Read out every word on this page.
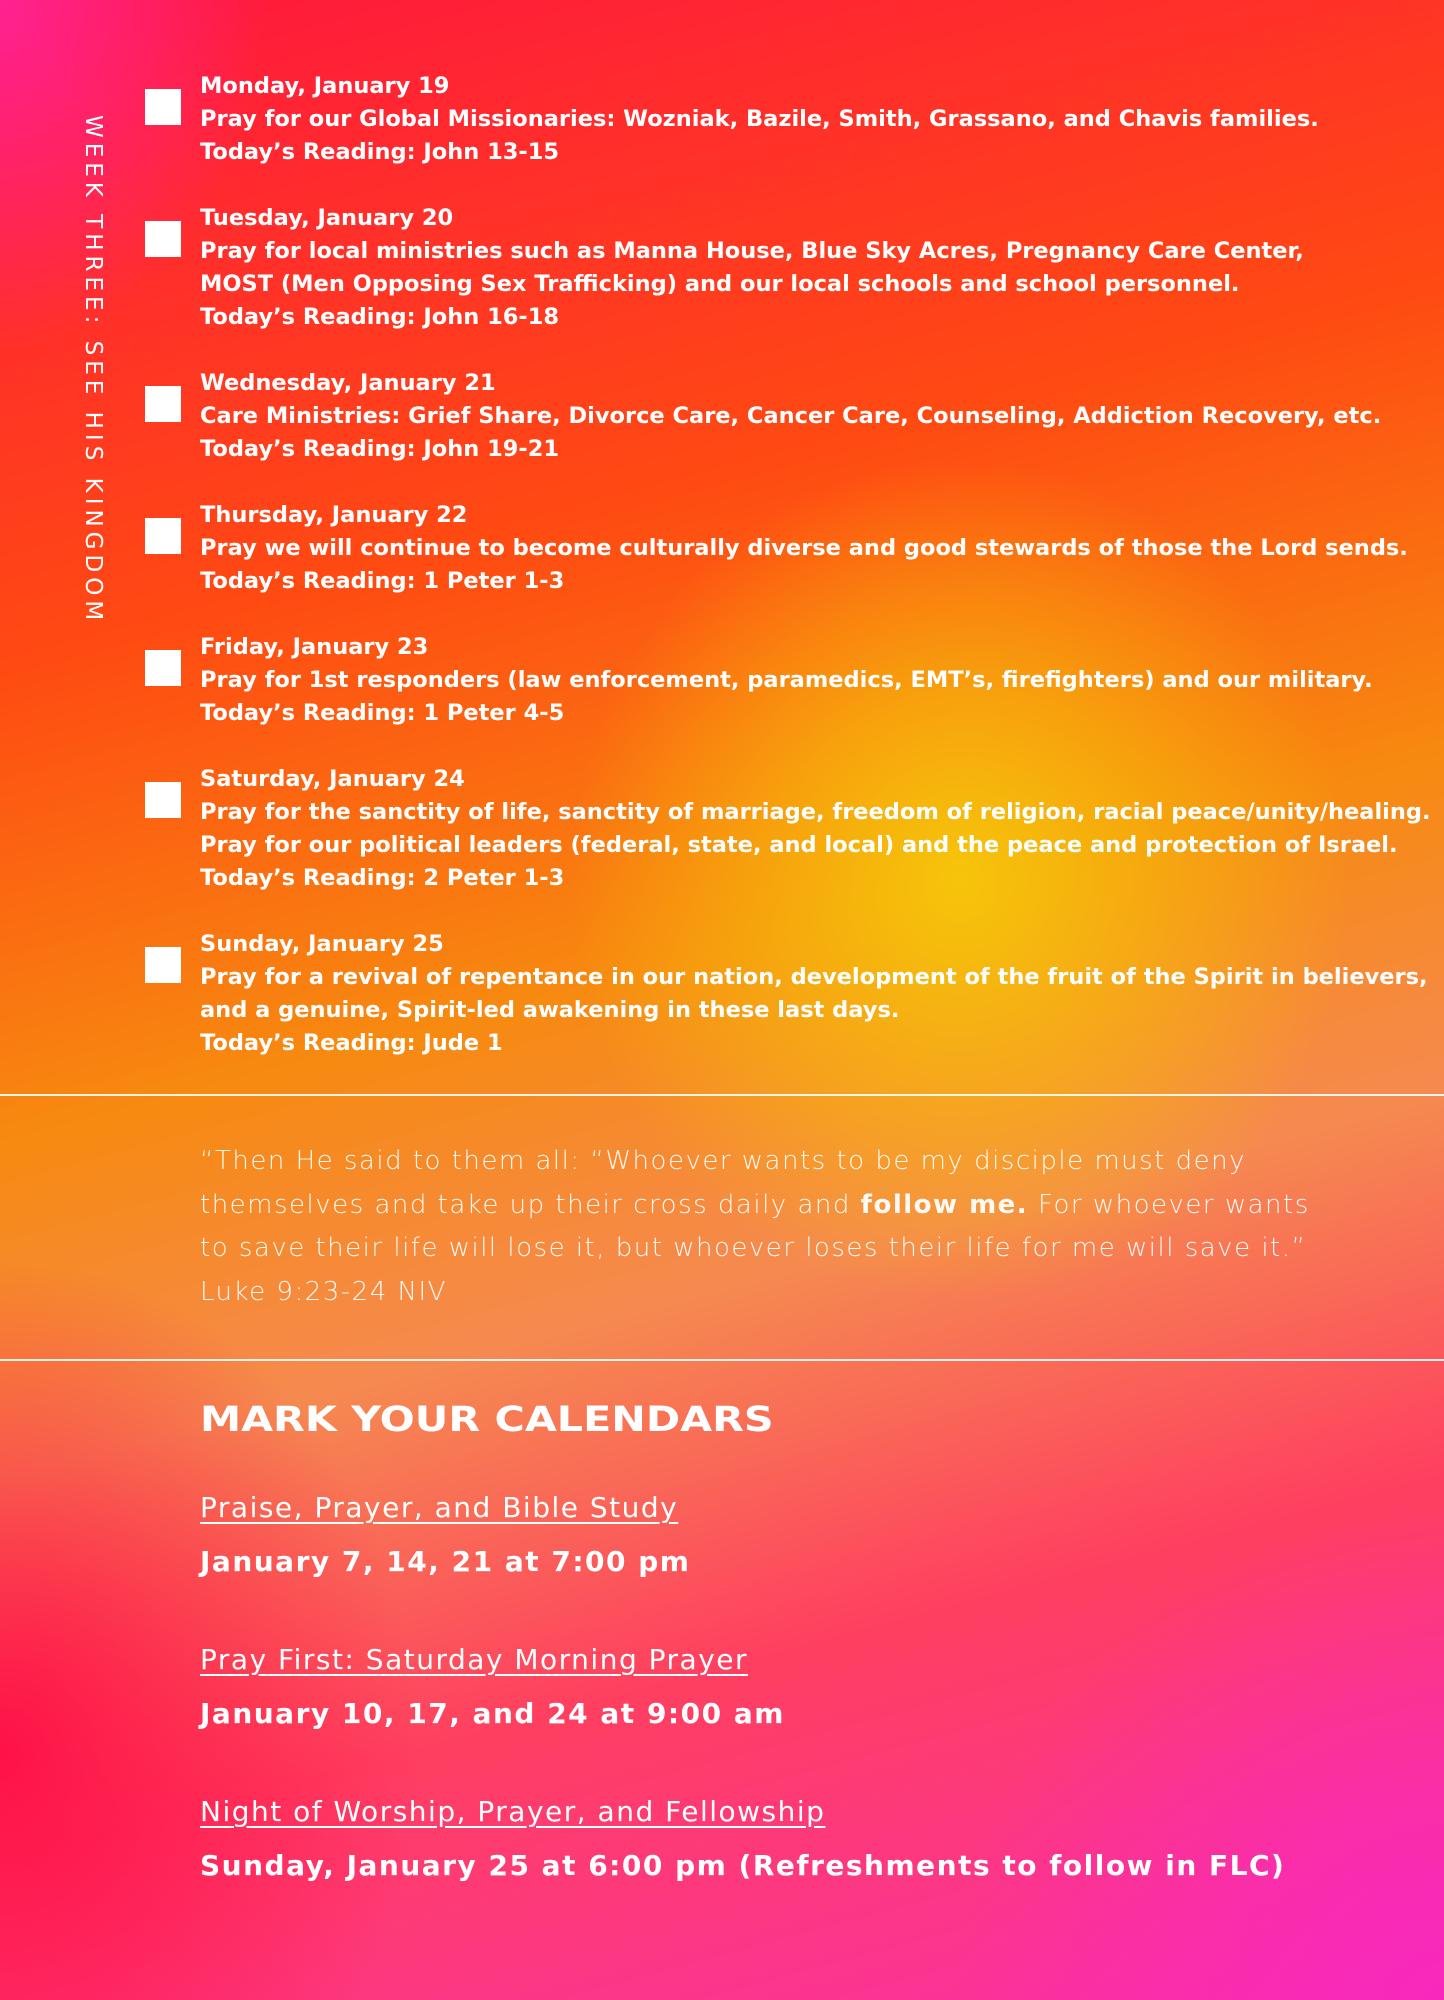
WEEK THREE: SEE HIS KINGDOM
Monday, January 19
Pray for our Global Missionaries: Wozniak, Bazile, Smith, Grassano, and Chavis families.
Today’s Reading: John 13-15
Tuesday, January 20
Pray for local ministries such as Manna House, Blue Sky Acres, Pregnancy Care Center,
MOST (Men Opposing Sex Trafficking) and our local schools and school personnel.
Today’s Reading: John 16-18
Wednesday, January 21
Care Ministries: Grief Share, Divorce Care, Cancer Care, Counseling, Addiction Recovery, etc.
Today’s Reading: John 19-21
Thursday, January 22
Pray we will continue to become culturally diverse and good stewards of those the Lord sends.
Today’s Reading: 1 Peter 1-3
Friday, January 23
Pray for 1st responders (law enforcement, paramedics, EMT’s, firefighters) and our military.
Today’s Reading: 1 Peter 4-5
Saturday, January 24
Pray for the sanctity of life, sanctity of marriage, freedom of religion, racial peace/unity/healing.
Pray for our political leaders (federal, state, and local) and the peace and protection of Israel.
Today’s Reading: 2 Peter 1-3
Sunday, January 25
Pray for a revival of repentance in our nation, development of the fruit of the Spirit in believers,
and a genuine, Spirit-led awakening in these last days.
Today’s Reading: Jude 1
“Then He said to them all: “Whoever wants to be my disciple must deny themselves and take up their cross daily and follow me. For whoever wants to save their life will lose it, but whoever loses their life for me will save it.” Luke 9:23-24 NIV
MARK YOUR CALENDARS
Praise, Prayer, and Bible Study
January 7, 14, 21 at 7:00 pm
Pray First: Saturday Morning Prayer
January 10, 17, and 24 at 9:00 am
Night of Worship, Prayer, and Fellowship
Sunday, January 25 at 6:00 pm (Refreshments to follow in FLC)
